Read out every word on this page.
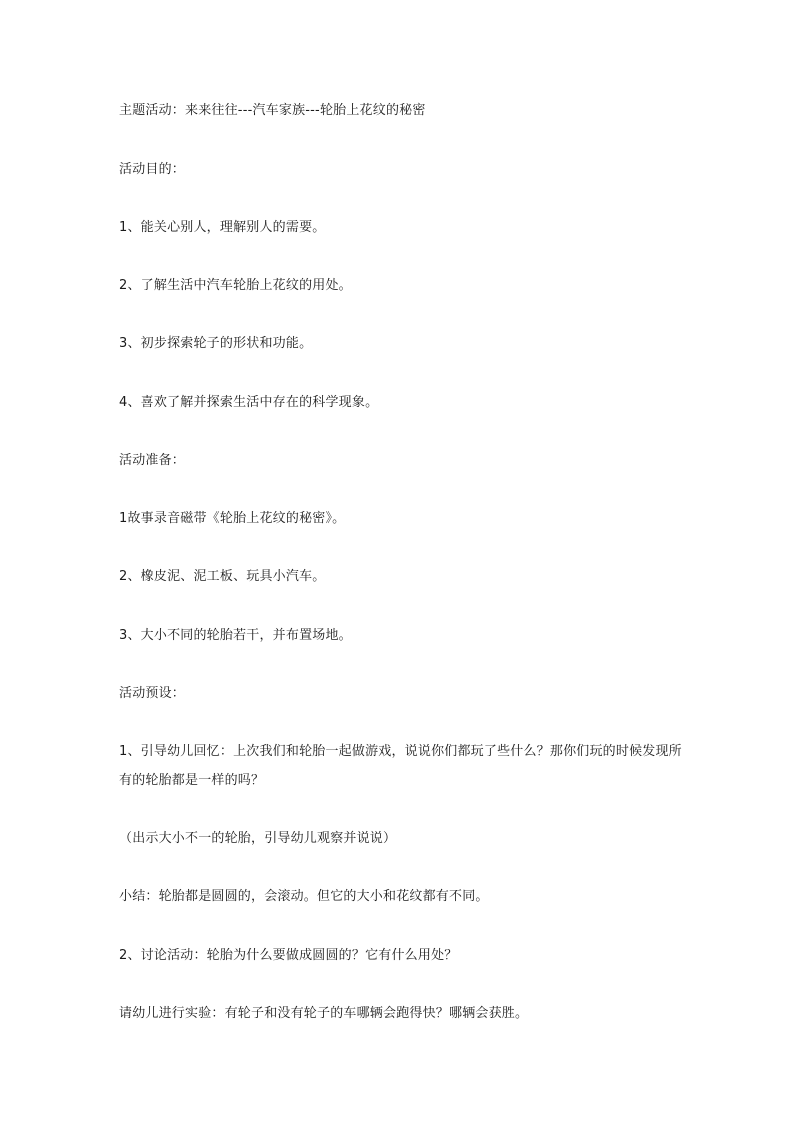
主题活动：来来往往---汽车家族---轮胎上花纹的秘密

活动目的：

1、能关心别人，理解别人的需要。

2、了解生活中汽车轮胎上花纹的用处。

3、初步探索轮子的形状和功能。

4、喜欢了解并探索生活中存在的科学现象。

活动准备：

1故事录音磁带《轮胎上花纹的秘密》。

2、橡皮泥、泥工板、玩具小汽车。

3、大小不同的轮胎若干，并布置场地。

活动预设：

1、引导幼儿回忆：上次我们和轮胎一起做游戏，说说你们都玩了些什么？那你们玩的时候发现所有的轮胎都是一样的吗？

（出示大小不一的轮胎，引导幼儿观察并说说）

小结：轮胎都是圆圆的，会滚动。但它的大小和花纹都有不同。

2、讨论活动：轮胎为什么要做成圆圆的？它有什么用处？

请幼儿进行实验：有轮子和没有轮子的车哪辆会跑得快？哪辆会获胜。
